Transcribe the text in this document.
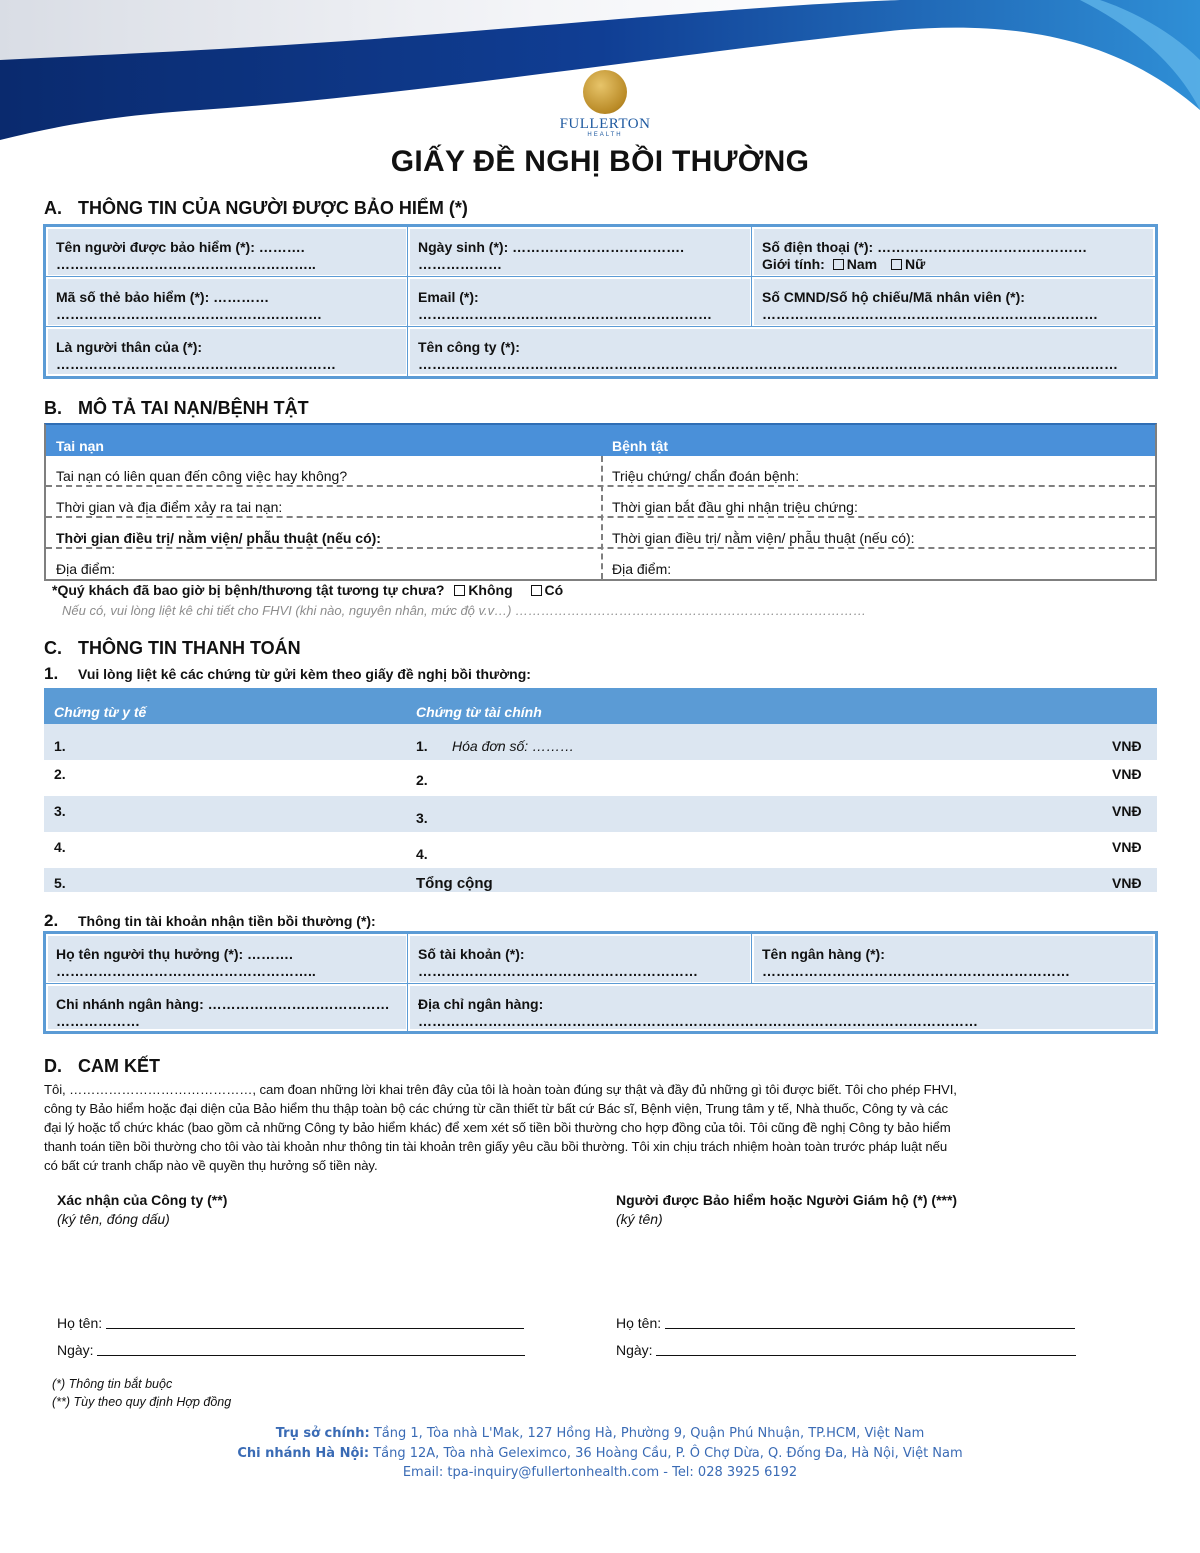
FULLERTON
HEALTH
GIẤY ĐỀ NGHỊ BỒI THƯỜNG
A. THÔNG TIN CỦA NGƯỜI ĐƯỢC BẢO HIỂM (*)
Tên người được bảo hiểm (*): ……….
………………………………………………..
Ngày sinh (*): ……………………………….
………………
Số điện thoại (*): ………………………………………
Giới tính: Nam Nữ
Mã số thẻ bảo hiểm (*): …………
…………………………………………………
Email (*):
………………………………………………………
Số CMND/Số hộ chiếu/Mã nhân viên (*):
………………………………………………………………
Là người thân của (*):
……………………………………………………
Tên công ty (*):
……………………………………………………………………………………………………………………………………
B. MÔ TẢ TAI NẠN/BỆNH TẬT
Tai nạn	Bệnh tật
Tai nạn có liên quan đến công việc hay không?	Triệu chứng/ chẩn đoán bệnh:
Thời gian và địa điểm xảy ra tai nạn:	Thời gian bắt đầu ghi nhận triệu chứng:
Thời gian điều trị/ nằm viện/ phẫu thuật (nếu có):	Thời gian điều trị/ nằm viện/ phẫu thuật (nếu có):
Địa điểm:	Địa điểm:
*Quý khách đã bao giờ bị bệnh/thương tật tương tự chưa? Không Có
Nếu có, vui lòng liệt kê chi tiết cho FHVI (khi nào, nguyên nhân, mức độ v.v…) ………………………………………………………………………
C. THÔNG TIN THANH TOÁN
1. Vui lòng liệt kê các chứng từ gửi kèm theo giấy đề nghị bồi thường:
Chứng từ y tế	Chứng từ tài chính
1.	1. Hóa đơn số: ………	VNĐ
2.	2.	VNĐ
3.	3.	VNĐ
4.	4.	VNĐ
5.	Tổng cộng	VNĐ
2. Thông tin tài khoản nhận tiền bồi thường (*):
Họ tên người thụ hưởng (*): ……….
………………………………………………..
Số tài khoản (*):
……………………………………………………
Tên ngân hàng (*):
…………………………………………………………
Chi nhánh ngân hàng: …………………………………
………………
Địa chỉ ngân hàng:
…………………………………………………………………………………………………………
D. CAM KẾT
Tôi, ……………………………………, cam đoan những lời khai trên đây của tôi là hoàn toàn đúng sự thật và đầy đủ những gì tôi được biết. Tôi cho phép FHVI,
công ty Bảo hiểm hoặc đại diện của Bảo hiểm thu thập toàn bộ các chứng từ cần thiết từ bất cứ Bác sĩ, Bệnh viện, Trung tâm y tế, Nhà thuốc, Công ty và các
đại lý hoặc tổ chức khác (bao gồm cả những Công ty bảo hiểm khác) để xem xét số tiền bồi thường cho hợp đồng của tôi. Tôi cũng đề nghị Công ty bảo hiểm
thanh toán tiền bồi thường cho tôi vào tài khoản như thông tin tài khoản trên giấy yêu cầu bồi thường. Tôi xin chịu trách nhiệm hoàn toàn trước pháp luật nếu
có bất cứ tranh chấp nào về quyền thụ hưởng số tiền này.
Xác nhận của Công ty (**)
(ký tên, đóng dấu)
Người được Bảo hiểm hoặc Người Giám hộ (*) (***)
(ký tên)
Họ tên:
Ngày:
Họ tên:
Ngày:
(*) Thông tin bắt buộc
(**) Tùy theo quy định Hợp đồng
Trụ sở chính: Tầng 1, Tòa nhà L'Mak, 127 Hồng Hà, Phường 9, Quận Phú Nhuận, TP.HCM, Việt Nam
Chi nhánh Hà Nội: Tầng 12A, Tòa nhà Geleximco, 36 Hoàng Cầu, P. Ô Chợ Dừa, Q. Đống Đa, Hà Nội, Việt Nam
Email: tpa-inquiry@fullertonhealth.com - Tel: 028 3925 6192
